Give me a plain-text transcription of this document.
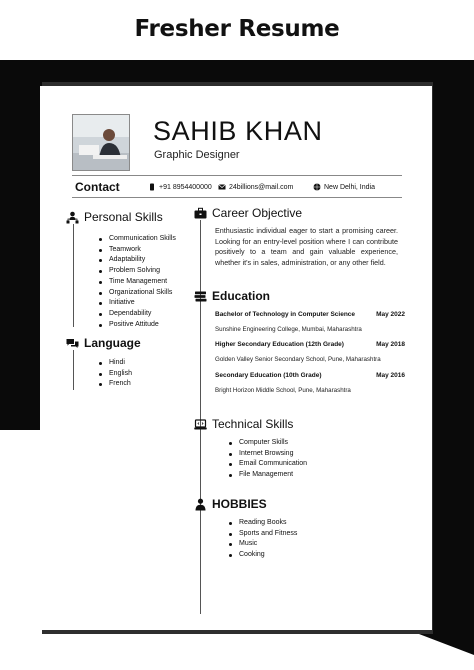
Fresher Resume
SAHIB KHAN
Graphic Designer
Contact	+91 8954400000 24billions@mail.com	New Delhi, India
Personal Skills
Communication Skills
Teamwork
Adaptability
Problem Solving
Time Management
Organizational Skills
Initiative
Dependability
Positive Attitude
Language
Hindi
English
French
Career Objective
Enthusiastic individual eager to start a promising career. Looking for an entry-level position where I can contribute positively to a team and gain valuable experience, whether it's in sales, administration, or any other field.
Education
Bachelor of Technology in Computer Science	May 2022
Sunshine Engineering College, Mumbai, Maharashtra
Higher Secondary Education (12th Grade)	May 2018
Golden Valley Senior Secondary School, Pune, Maharashtra
Secondary Education (10th Grade)	May 2016
Bright Horizon Middle School, Pune, Maharashtra
Technical Skills
Computer Skills
Internet Browsing
Email Communication
File Management
HOBBIES
Reading Books
Sports and Fitness
Music
Cooking
